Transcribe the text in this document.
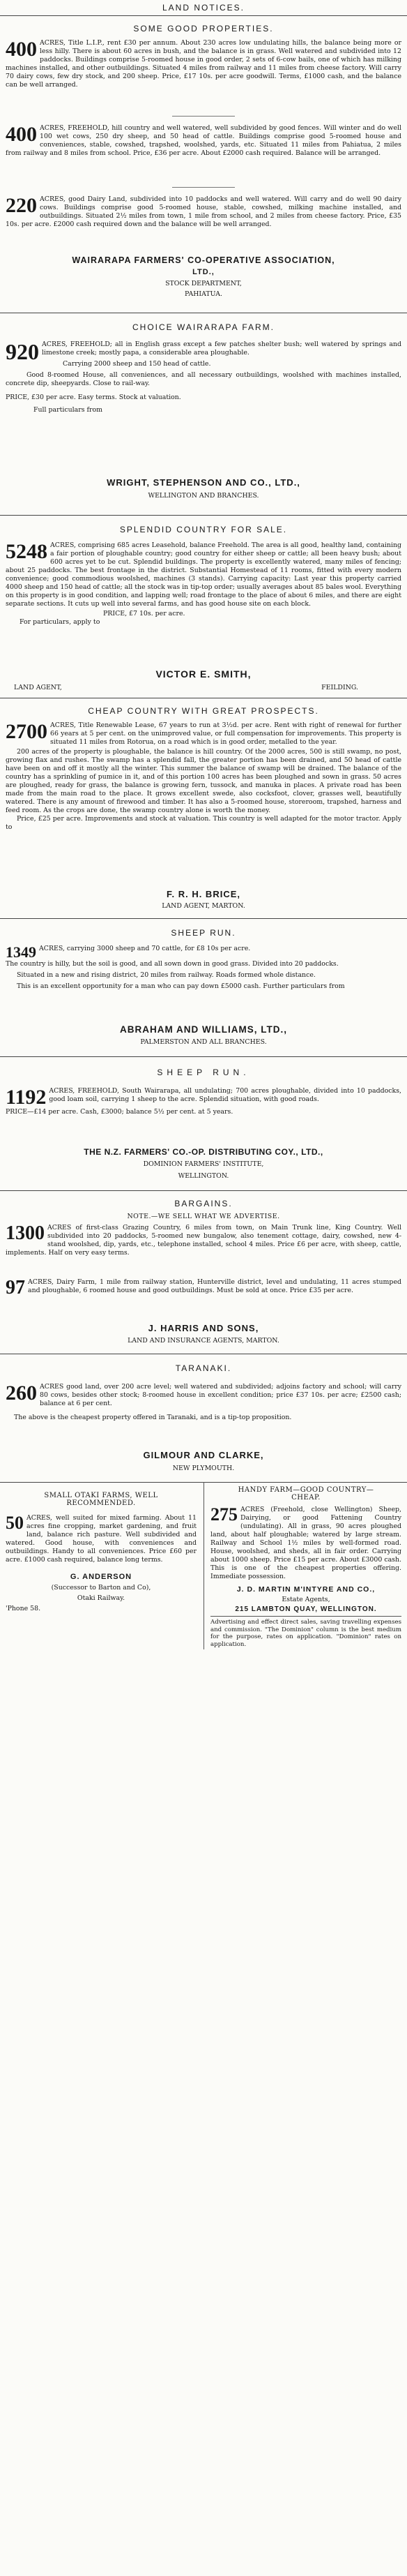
LAND NOTICES.
SOME GOOD PROPERTIES.
400 ACRES, Title L.I.P., rent £30 per annum. About 230 acres low undulating hills, the balance being more or less hilly. There is about 60 acres in bush, and the balance is in grass. Well watered and subdivided into 12 paddocks. Buildings comprise 5-roomed house in good order, 2 sets of 6-cow bails, one of which has milking machines installed, and other outbuildings. Situated 4 miles from railway and 11 miles from cheese factory. Will carry 70 dairy cows, few dry stock, and 200 sheep. Price, £17 10s. per acre goodwill. Terms, £1000 cash, and the balance can be well arranged.
400 ACRES, FREEHOLD, hill country and well watered, well subdivided by good fences. Will winter and do well 100 wet cows, 250 dry sheep, and 50 head of cattle. Buildings comprise good 5-roomed house and conveniences, stable, cowshed, trapshed, woolshed, yards, etc. Situated 11 miles from Pahiatua, 2 miles from railway and 8 miles from school. Price, £36 per acre. About £2000 cash required. Balance will be arranged.
220 ACRES, good Dairy Land, subdivided into 10 paddocks and well watered. Will carry and do well 90 dairy cows. Buildings comprise good 5-roomed house, stable, cowshed, milking machine installed, and outbuildings. Situated 2½ miles from town, 1 mile from school, and 2 miles from cheese factory. Price, £35 10s. per acre. £2000 cash required down and the balance will be well arranged.
WAIRARAPA FARMERS' CO-OPERATIVE ASSOCIATION,
LTD.,
STOCK DEPARTMENT,
PAHIATUA.
CHOICE WAIRARAPA FARM.
920 ACRES, FREEHOLD; all in English grass except a few patches shelter bush; well watered by springs and limestone creek; mostly papa, a considerable area ploughable.
Carrying 2000 sheep and 150 head of cattle.
Good 8-roomed House, all conveniences, and all necessary outbuildings, woolshed with machines installed, concrete dip, sheepyards. Close to rail-way.
PRICE, £30 per acre. Easy terms. Stock at valuation.
Full particulars from
WRIGHT, STEPHENSON AND CO., LTD.,
WELLINGTON AND BRANCHES.
SPLENDID COUNTRY FOR SALE.
5248 ACRES, comprising 685 acres Leasehold, balance Freehold. The area is all good, healthy land, containing a fair portion of ploughable country; good country for either sheep or cattle; all been heavy bush; about 600 acres yet to be cut. Splendid buildings. The property is excellently watered, many miles of fencing; about 25 paddocks. The best frontage in the district. Substantial Homestead of 11 rooms, fitted with every modern convenience; good commodious woolshed, machines (3 stands). Carrying capacity: Last year this property carried 4000 sheep and 150 head of cattle; all the stock was in tip-top order; usually averages about 85 bales wool. Everything on this property is in good condition, and lapping well; road frontage to the place of about 6 miles, and there are eight separate sections. It cuts up well into several farms, and has good house site on each block.
PRICE, £7 10s. per acre.
For particulars, apply to
VICTOR E. SMITH,
LAND AGENT,	FEILDING.
CHEAP COUNTRY WITH GREAT PROSPECTS.
2700 ACRES, Title Renewable Lease, 67 years to run at 3½d. per acre. Rent with right of renewal for further 66 years at 5 per cent. on the unimproved value, or full compensation for improvements. This property is situated 11 miles from Rotorua, on a road which is in good order, metalled to the year.
200 acres of the property is ploughable, the balance is hill country. Of the 2000 acres, 500 is still swamp, no post, growing flax and rushes. The swamp has a splendid fall, the greater portion has been drained, and 50 head of cattle have been on and off it mostly all the winter. This summer the balance of swamp will be drained. The balance of the country has a sprinkling of pumice in it, and of this portion 100 acres has been ploughed and sown in grass. 50 acres are ploughed, ready for grass, the balance is growing fern, tussock, and manuka in places. A private road has been made from the main road to the place. It grows excellent swede, also cocksfoot, clover, grasses well, beautifully watered. There is any amount of firewood and timber. It has also a 5-roomed house, storeroom, trapshed, harness and feed room. As the crops are done, the swamp country alone is worth the money.
Price, £25 per acre. Improvements and stock at valuation. This country is well adapted for the motor tractor. Apply to
F. R. H. BRICE,
LAND AGENT, MARTON.
SHEEP RUN.
1349 ACRES, carrying 3000 sheep and 70 cattle, for £8 10s per acre.
The country is hilly, but the soil is good, and all sown down in good grass. Divided into 20 paddocks.
Situated in a new and rising district, 20 miles from railway. Roads formed whole distance.
This is an excellent opportunity for a man who can pay down £5000 cash. Further particulars from
ABRAHAM AND WILLIAMS, LTD.,
PALMERSTON AND ALL BRANCHES.
SHEEP RUN.
1192 ACRES, FREEHOLD, South Wairarapa, all undulating; 700 acres ploughable, divided into 10 paddocks, good loam soil, carrying 1 sheep to the acre. Splendid situation, with good roads.
PRICE—£14 per acre. Cash, £3000; balance 5½ per cent. at 5 years.
THE N.Z. FARMERS' CO.-OP. DISTRIBUTING COY., LTD.,
DOMINION FARMERS' INSTITUTE,
WELLINGTON.
BARGAINS.
NOTE.—WE SELL WHAT WE ADVERTISE.
1300 ACRES of first-class Grazing Country, 6 miles from town, on Main Trunk line, King Country. Well subdivided into 20 paddocks, 5-roomed new bungalow, also tenement cottage, dairy, cowshed, new 4-stand woolshed, dip, yards, etc., telephone installed, school 4 miles. Price £6 per acre, with sheep, cattle, implements. Half on very easy terms.
97 ACRES, Dairy Farm, 1 mile from railway station, Hunterville district, level and undulating, 11 acres stumped and ploughable, 6 roomed house and good outbuildings. Must be sold at once. Price £35 per acre.
J. HARRIS AND SONS,
LAND AND INSURANCE AGENTS, MARTON.
TARANAKI.
260 ACRES good land, over 200 acre level; well watered and subdivided; adjoins factory and school; will carry 80 cows, besides other stock; 8-roomed house in excellent condition; price £37 10s. per acre; £2500 cash; balance at 6 per cent.
The above is the cheapest property offered in Taranaki, and is a tip-top proposition.
GILMOUR AND CLARKE,
NEW PLYMOUTH.
SMALL OTAKI FARMS, WELL RECOMMENDED.
50 ACRES, well suited for mixed farming. About 11 acres fine cropping, market gardening, and fruit land, balance rich pasture. Well subdivided and watered. Good house, with conveniences and outbuildings. Handy to all conveniences. Price £60 per acre. £1000 cash required, balance long terms.
G. ANDERSON
(Successor to Barton and Co),
Otaki Railway.
'Phone 58.
HANDY FARM—GOOD COUNTRY—CHEAP.
275 ACRES (Freehold, close Wellington) Sheep, Dairying, or good Fattening Country (undulating). All in grass, 90 acres ploughed land, about half ploughable; watered by large stream. Railway and School 1½ miles by well-formed road. House, woolshed, and sheds, all in fair order. Carrying about 1000 sheep. Price £15 per acre. About £3000 cash. This is one of the cheapest properties offering. Immediate possession.
J. D. MARTIN M'INTYRE AND CO.,
Estate Agents,
215 LAMBTON QUAY, WELLINGTON.
Advertising and effect direct sales, saving travelling expenses and commission. "The Dominion" column is the best medium for the purpose, rates on application. "Dominion" rates on application.
